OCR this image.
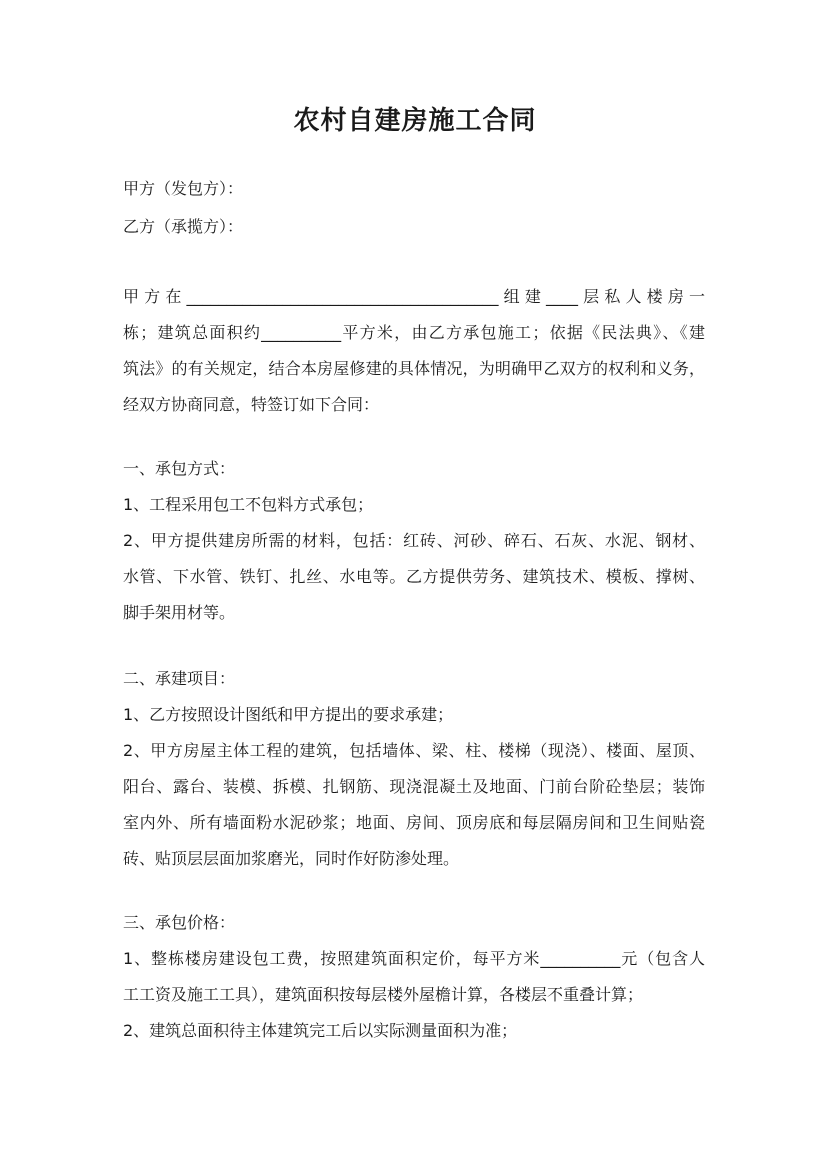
农村自建房施工合同
甲方（发包方）：
乙方（承揽方）：
甲方在_______________________________________组建____层私人楼房一
栋；建筑总面积约__________平方米，由乙方承包施工；依据《民法典》、《建
筑法》的有关规定，结合本房屋修建的具体情况，为明确甲乙双方的权利和义务，
经双方协商同意，特签订如下合同：
一、承包方式：
1、工程采用包工不包料方式承包；
2、甲方提供建房所需的材料，包括：红砖、河砂、碎石、石灰、水泥、钢材、
水管、下水管、铁钉、扎丝、水电等。乙方提供劳务、建筑技术、模板、撑树、
脚手架用材等。
二、承建项目：
1、乙方按照设计图纸和甲方提出的要求承建；
2、甲方房屋主体工程的建筑，包括墙体、梁、柱、楼梯（现浇）、楼面、屋顶、
阳台、露台、装模、拆模、扎钢筋、现浇混凝土及地面、门前台阶砼垫层；装饰
室内外、所有墙面粉水泥砂浆；地面、房间、顶房底和每层隔房间和卫生间贴瓷
砖、贴顶层层面加浆磨光，同时作好防渗处理。
三、承包价格：
1、整栋楼房建设包工费，按照建筑面积定价，每平方米__________元（包含人
工工资及施工工具），建筑面积按每层楼外屋檐计算，各楼层不重叠计算；
2、建筑总面积待主体建筑完工后以实际测量面积为准；
